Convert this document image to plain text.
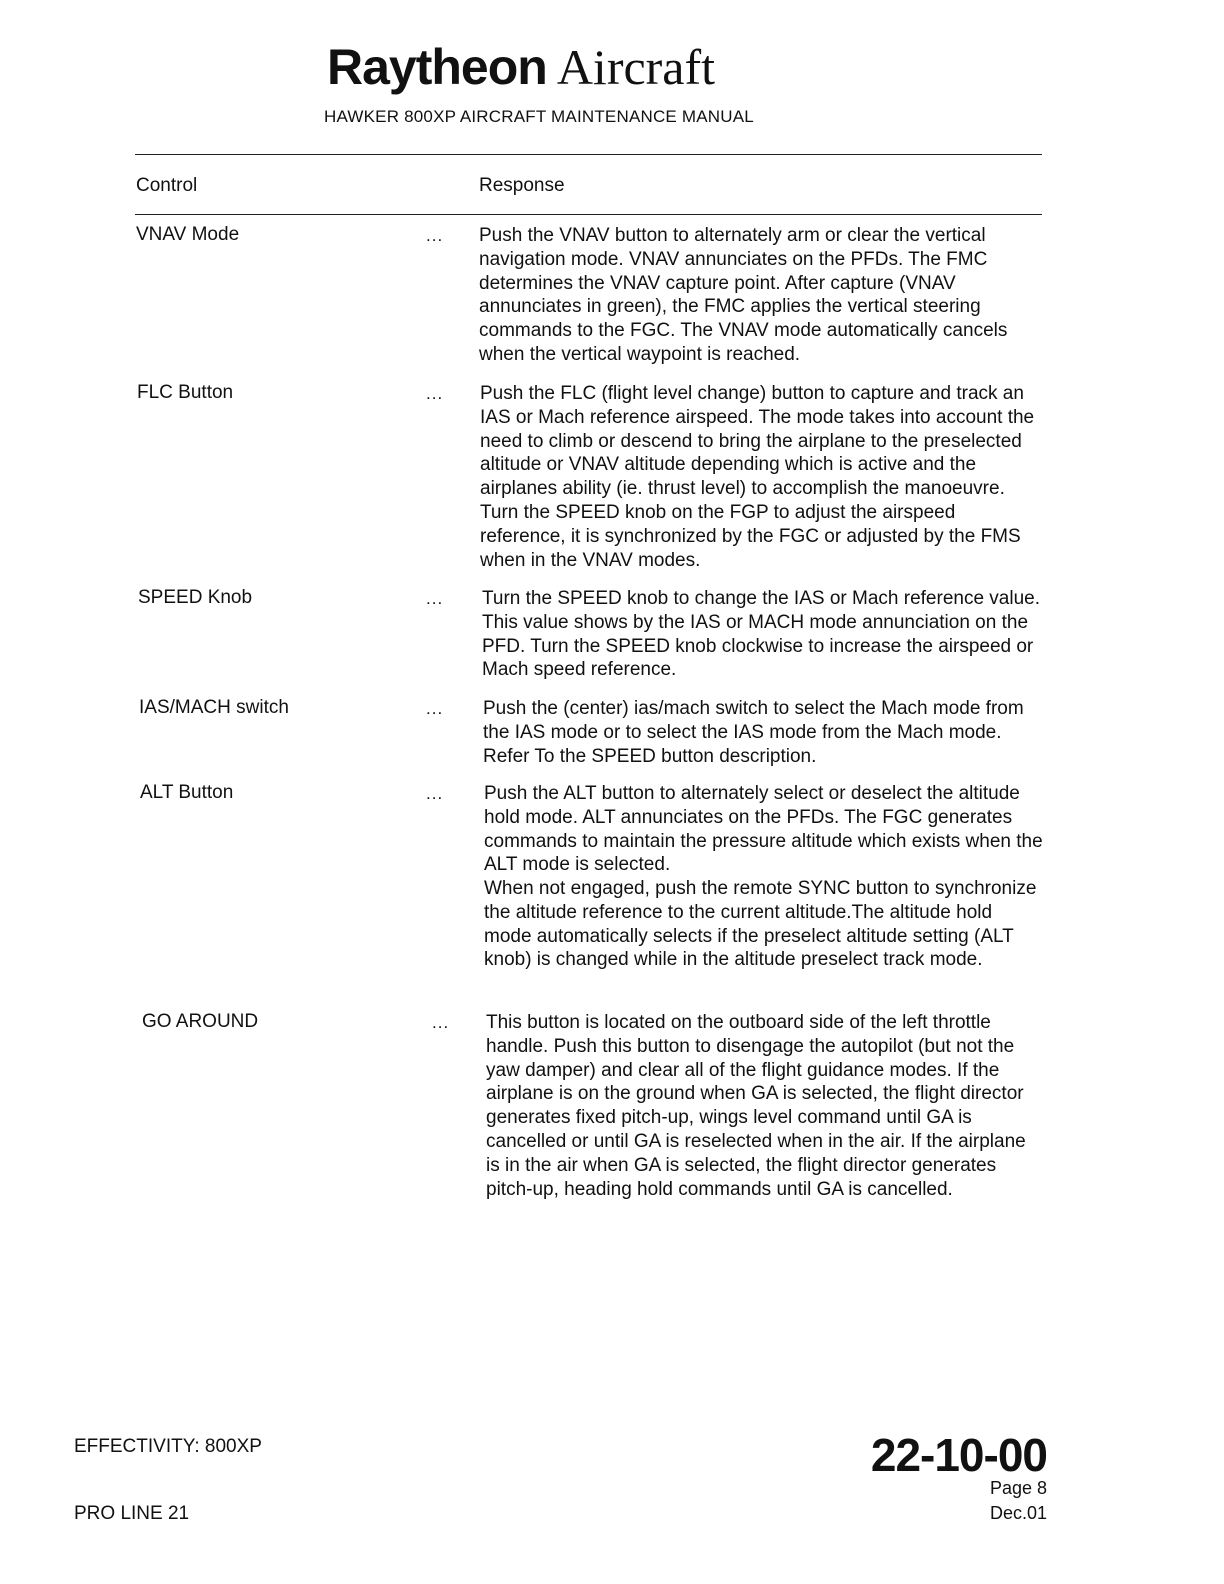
Raytheon Aircraft
HAWKER 800XP AIRCRAFT MAINTENANCE MANUAL
Control	Response
VNAV Mode	... Push the VNAV button to alternately arm or clear the vertical navigation mode. VNAV annunciates on the PFDs. The FMC determines the VNAV capture point. After capture (VNAV annunciates in green), the FMC applies the vertical steering commands to the FGC. The VNAV mode automatically cancels when the vertical waypoint is reached.
FLC Button	... Push the FLC (flight level change) button to capture and track an IAS or Mach reference airspeed. The mode takes into account the need to climb or descend to bring the airplane to the preselected altitude or VNAV altitude depending which is active and the airplanes ability (ie. thrust level) to accomplish the manoeuvre. Turn the SPEED knob on the FGP to adjust the airspeed reference, it is synchronized by the FGC or adjusted by the FMS when in the VNAV modes.
SPEED Knob	... Turn the SPEED knob to change the IAS or Mach reference value. This value shows by the IAS or MACH mode annunciation on the PFD. Turn the SPEED knob clockwise to increase the airspeed or Mach speed reference.
IAS/MACH switch	... Push the (center) ias/mach switch to select the Mach mode from the IAS mode or to select the IAS mode from the Mach mode. Refer To the SPEED button description.
ALT Button	... Push the ALT button to alternately select or deselect the altitude hold mode. ALT annunciates on the PFDs. The FGC generates commands to maintain the pressure altitude which exists when the ALT mode is selected.
When not engaged, push the remote SYNC button to synchronize the altitude reference to the current altitude.The altitude hold mode automatically selects if the preselect altitude setting (ALT knob) is changed while in the altitude preselect track mode.
GO AROUND	... This button is located on the outboard side of the left throttle handle. Push this button to disengage the autopilot (but not the yaw damper) and clear all of the flight guidance modes. If the airplane is on the ground when GA is selected, the flight director generates fixed pitch-up, wings level command until GA is cancelled or until GA is reselected when in the air. If the airplane is in the air when GA is selected, the flight director generates pitch-up, heading hold commands until GA is cancelled.
EFFECTIVITY: 800XP
PRO LINE 21
22-10-00
Page 8
Dec.01
